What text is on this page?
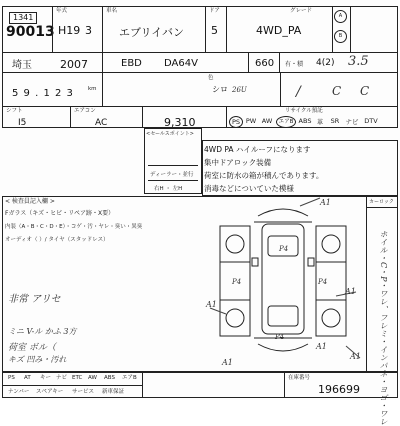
1341
90013
年式
H19 3
車名
エブリイバン
ドア
5
グレード
4WD_PA
A
B
埼玉	2007	EBD DA64V	660 有・積 4(2) 3.5
5 9 . 1 2 3	km
色
シロ 26U	/	C C
シフト
I5
エアコン
AC	9,310
リサイクル預託
PS PW AW	エアB ABS 革	SR ナビ DTV
<セールスポイント>
ディーラー・並行
右H ・ 左H
4WD PA ハイルーフになります
集中ドアロック装備
荷室に防水の箱が積んであります。
消毒などについていた模様
< 検査員記入欄 >
Fガラス（キズ・ヒビ・リペア跡・X要）
内装（A・B・C・D・E）・コゲ・汚・ヤレ・臭い・異臭
オーディオ（ ）/ タイヤ（スタッドレス）
非常 アリセ
ミニ V-ル かふ 3方
荷室 ボル（
キズ 凹み・汚れ
カーロック
ホイル・C・P・ワレ、フレミ・インパネ・ヨゴ・ワレ
A1
A1
A1
A1
A1
A1
P4
P4	P4
P4
PS AT キー ナビ ETC AW ABS エアB
ナンバー スペアキー サービス 新車保証
在庫番号
196699
